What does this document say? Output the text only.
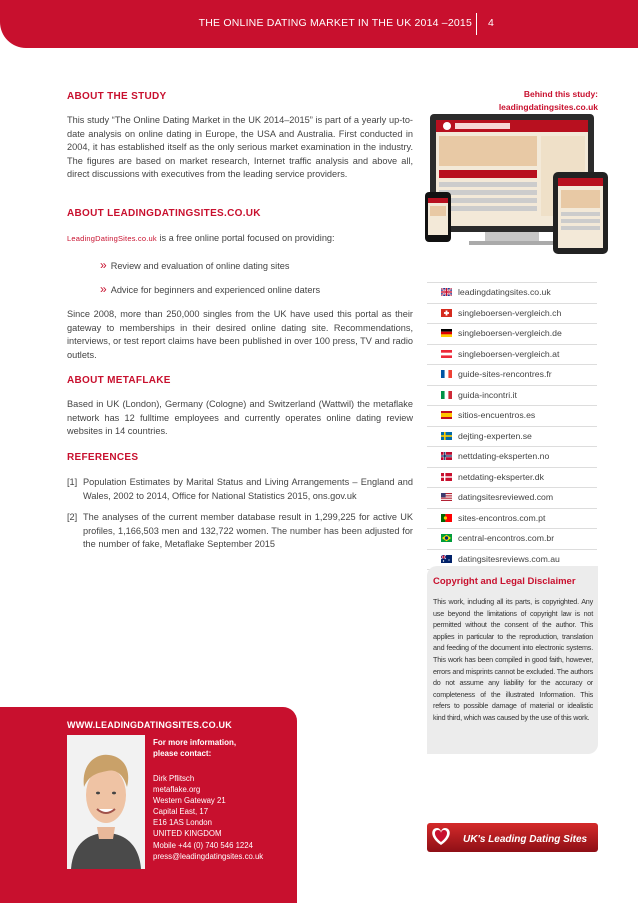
THE ONLINE DATING MARKET IN THE UK 2014 –2015 4
ABOUT THE STUDY
This study “The Online Dating Market in the UK 2014–2015” is part of a yearly up-to-date analysis on online dating in Europe, the USA and Australia. First conducted in 2004, it has established itself as the only serious market examination in the industry. The figures are based on market research, Internet traffic analysis and above all, direct discussions with executives from the leading service providers.
ABOUT LEADINGDATINGSITES.CO.UK
LeadingDatingSites.co.uk is a free online portal focused on providing:
» Review and evaluation of online dating sites
» Advice for beginners and experienced online daters
Since 2008, more than 250,000 singles from the UK have used this portal as their gateway to memberships in their desired online dating site. Recommendations, interviews, or test report claims have been published in over 100 press, TV and radio outlets.
ABOUT METAFLAKE
Based in UK (London), Germany (Cologne) and Switzerland (Wattwil) the metaflake network has 12 fulltime employees and currently operates online dating review websites in 14 countries.
REFERENCES
[1] Population Estimates by Marital Status and Living Arrangements – England and Wales, 2002 to 2014, Office for National Statistics 2015, ons.gov.uk
[2] The analyses of the current member database result in 1,299,225 for active UK profiles, 1,166,503 men and 132,722 women. The number has been adjusted for the number of fake, Metaflake September 2015
Behind this study:
leadingdatingsites.co.uk
leadingdatingsites.co.uk
singleboersen-vergleich.ch
singleboersen-vergleich.de
singleboersen-vergleich.at
guide-sites-rencontres.fr
guida-incontri.it
sitios-encuentros.es
dejting-experten.se
nettdating-eksperten.no
netdating-eksperter.dk
datingsitesreviewed.com
sites-encontros.com.pt
central-encontros.com.br
datingsitesreviews.com.au
Copyright and Legal Disclaimer
This work, including all its parts, is copyrighted. Any use beyond the limitations of copyright law is not permitted without the consent of the author. This applies in particular to the reproduction, translation and feeding of the document into electronic systems. This work has been compiled in good faith, however, errors and misprints cannot be excluded. The authors do not assume any liability for the accuracy or completeness of the illustrated Information. This refers to possible damage of material or idealistic kind third, which was caused by the use of this work.
WWW.LEADINGDATINGSITES.CO.UK
For more information,
please contact:
Dirk Pflitsch
metaflake.org
Western Gateway 21
Capital East, 17
E16 1AS London
UNITED KINGDOM
Mobile +44 (0) 740 546 1224
press@leadingdatingsites.co.uk
UK's Leading Dating Sites
